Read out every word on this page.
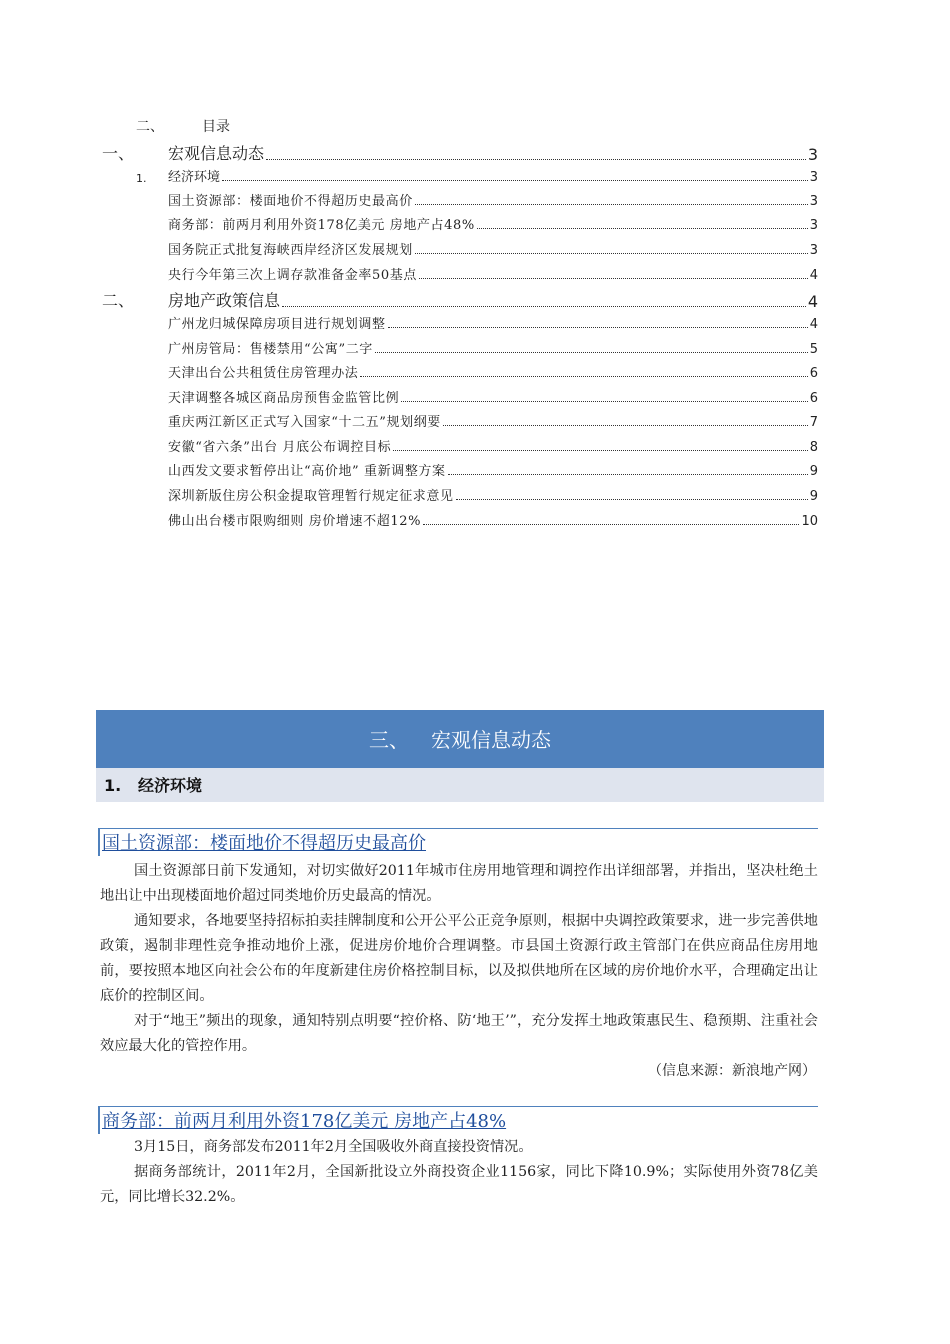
二、	目录
一、	宏观信息动态	3
1.	经济环境	3
国土资源部：楼面地价不得超历史最高价	3
商务部：前两月利用外资178亿美元 房地产占48%	3
国务院正式批复海峡西岸经济区发展规划	3
央行今年第三次上调存款准备金率50基点	4
二、	房地产政策信息	4
广州龙归城保障房项目进行规划调整	4
广州房管局：售楼禁用“公寓”二字	5
天津出台公共租赁住房管理办法	6
天津调整各城区商品房预售金监管比例	6
重庆两江新区正式写入国家“十二五”规划纲要	7
安徽“省六条”出台 月底公布调控目标	8
山西发文要求暂停出让“高价地” 重新调整方案	9
深圳新版住房公积金提取管理暂行规定征求意见	9
佛山出台楼市限购细则 房价增速不超12%	10
三、 宏观信息动态
1. 经济环境
国土资源部：楼面地价不得超历史最高价

国土资源部日前下发通知，对切实做好2011年城市住房用地管理和调控作出详细部署，并指出，坚决杜绝土地出让中出现楼面地价超过同类地价历史最高的情况。

通知要求，各地要坚持招标拍卖挂牌制度和公开公平公正竞争原则，根据中央调控政策要求，进一步完善供地政策，遏制非理性竞争推动地价上涨，促进房价地价合理调整。市县国土资源行政主管部门在供应商品住房用地前，要按照本地区向社会公布的年度新建住房价格控制目标，以及拟供地所在区域的房价地价水平，合理确定出让底价的控制区间。

对于“地王”频出的现象，通知特别点明要“控价格、防‘地王’”，充分发挥土地政策惠民生、稳预期、注重社会效应最大化的管控作用。

（信息来源：新浪地产网）
商务部：前两月利用外资178亿美元 房地产占48%

3月15日，商务部发布2011年2月全国吸收外商直接投资情况。

据商务部统计，2011年2月，全国新批设立外商投资企业1156家，同比下降10.9%；实际使用外资78亿美元，同比增长32.2%。
